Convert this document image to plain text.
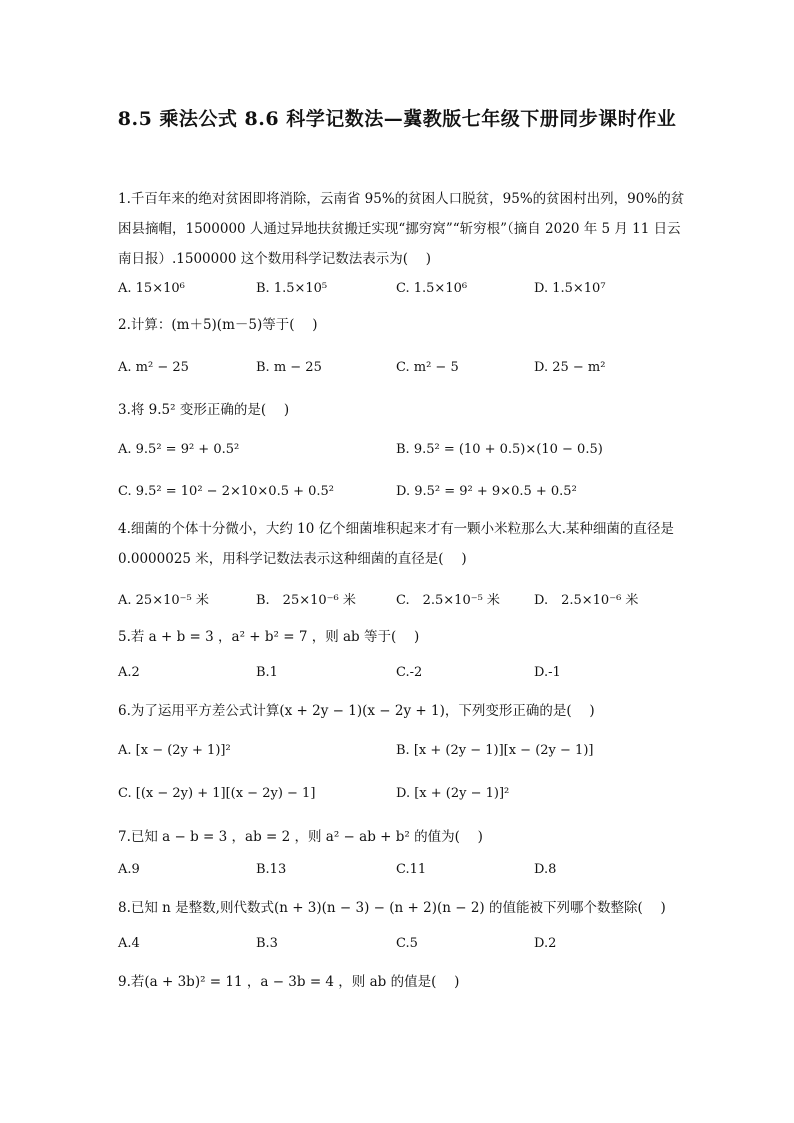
8.5 乘法公式 8.6 科学记数法—冀教版七年级下册同步课时作业
1.千百年来的绝对贫困即将消除，云南省 95%的贫困人口脱贫，95%的贫困村出列，90%的贫困县摘帽，1500000 人通过异地扶贫搬迁实现“挪穷窝”“斩穷根”（摘自 2020 年 5 月 11 日云南日报）.1500000 这个数用科学记数法表示为(　 )
A. 15×10⁶	B. 1.5×10⁵	C. 1.5×10⁶	D. 1.5×10⁷
2.计算：(m＋5)(m－5)等于(　 )
A. m² − 25	B. m − 25	C. m² − 5	D. 25 − m²
3.将 9.5² 变形正确的是(　 )
A. 9.5² = 9² + 0.5²	B. 9.5² = (10 + 0.5)×(10 − 0.5)
C. 9.5² = 10² − 2×10×0.5 + 0.5²	D. 9.5² = 9² + 9×0.5 + 0.5²
4.细菌的个体十分微小，大约 10 亿个细菌堆积起来才有一颗小米粒那么大.某种细菌的直径是 0.0000025 米，用科学记数法表示这种细菌的直径是(　 )
A. 25×10⁻⁵ 米	B.　25×10⁻⁶ 米	C.　2.5×10⁻⁵ 米	D.　2.5×10⁻⁶ 米
5.若 a + b = 3 ，a² + b² = 7 ，则 ab 等于(　 )
A.2	B.1	C.-2	D.-1
6.为了运用平方差公式计算(x + 2y − 1)(x − 2y + 1)，下列变形正确的是(　 )
A. [x − (2y + 1)]²	B. [x + (2y − 1)][x − (2y − 1)]
C. [(x − 2y) + 1][(x − 2y) − 1]	D. [x + (2y − 1)]²
7.已知 a − b = 3 ，ab = 2 ，则 a² − ab + b² 的值为(　 )
A.9	B.13	C.11	D.8
8.已知 n 是整数,则代数式(n + 3)(n − 3) − (n + 2)(n − 2) 的值能被下列哪个数整除(　 )
A.4	B.3	C.5	D.2
9.若(a + 3b)² = 11 ，a − 3b = 4 ，则 ab 的值是(　 )
